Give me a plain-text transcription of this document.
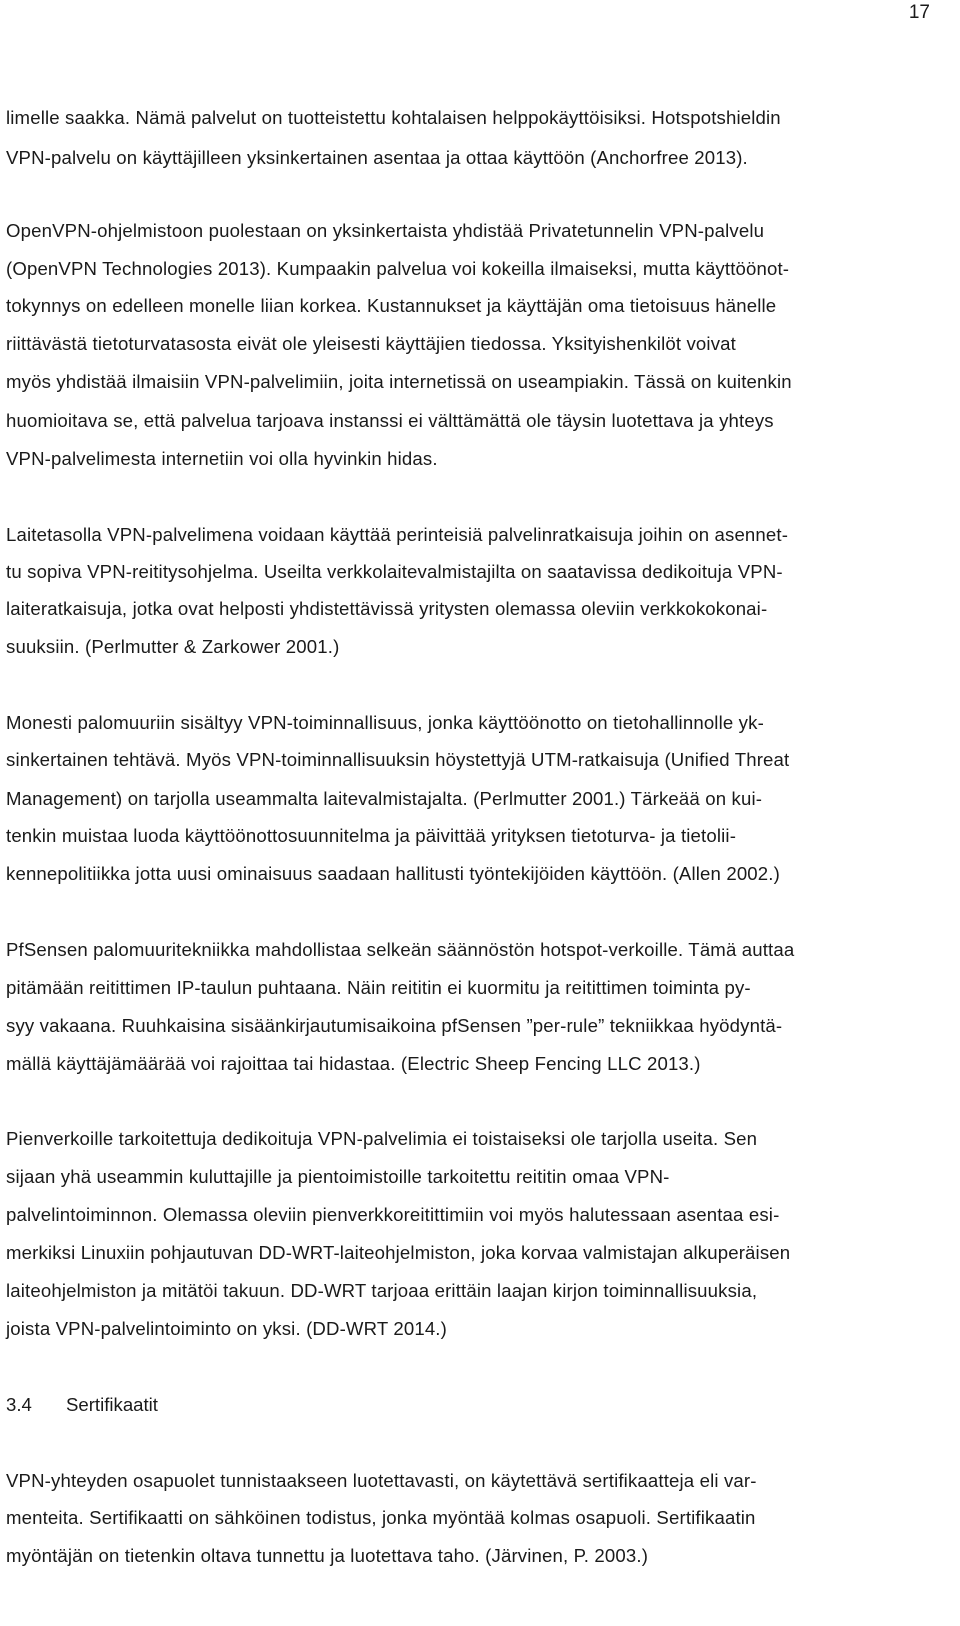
17
limelle saakka. Nämä palvelut on tuotteistettu kohtalaisen helppokäyttöisiksi. Hotspotshieldin
VPN-palvelu on käyttäjilleen yksinkertainen asentaa ja ottaa käyttöön (Anchorfree 2013).
OpenVPN-ohjelmistoon puolestaan on yksinkertaista yhdistää Privatetunnelin VPN-palvelu
(OpenVPN Technologies 2013). Kumpaakin palvelua voi kokeilla ilmaiseksi, mutta käyttöönot-
tokynnys on edelleen monelle liian korkea. Kustannukset ja käyttäjän oma tietoisuus hänelle
riittävästä tietoturvatasosta eivät ole yleisesti käyttäjien tiedossa. Yksityishenkilöt voivat
myös yhdistää ilmaisiin VPN-palvelimiin, joita internetissä on useampiakin. Tässä on kuitenkin
huomioitava se, että palvelua tarjoava instanssi ei välttämättä ole täysin luotettava ja yhteys
VPN-palvelimesta internetiin voi olla hyvinkin hidas.
Laitetasolla VPN-palvelimena voidaan käyttää perinteisiä palvelinratkaisuja joihin on asennet-
tu sopiva VPN-reititysohjelma. Useilta verkkolaitevalmistajilta on saatavissa dedikoituja VPN-
laiteratkaisuja, jotka ovat helposti yhdistettävissä yritysten olemassa oleviin verkkokokonai-
suuksiin. (Perlmutter & Zarkower 2001.)
Monesti palomuuriin sisältyy VPN-toiminnallisuus, jonka käyttöönotto on tietohallinnolle yk-
sinkertainen tehtävä. Myös VPN-toiminnallisuuksin höystettyjä UTM-ratkaisuja (Unified Threat
Management) on tarjolla useammalta laitevalmistajalta. (Perlmutter 2001.) Tärkeää on kui-
tenkin muistaa luoda käyttöönottosuunnitelma ja päivittää yrityksen tietoturva- ja tietolii-
kennepolitiikka jotta uusi ominaisuus saadaan hallitusti työntekijöiden käyttöön. (Allen 2002.)
PfSensen palomuuritekniikka mahdollistaa selkeän säännöstön hotspot-verkoille. Tämä auttaa
pitämään reitittimen IP-taulun puhtaana. Näin reititin ei kuormitu ja reitittimen toiminta py-
syy vakaana. Ruuhkaisina sisäänkirjautumisaikoina pfSensen ”per-rule” tekniikkaa hyödyntä-
mällä käyttäjämäärää voi rajoittaa tai hidastaa. (Electric Sheep Fencing LLC 2013.)
Pienverkoille tarkoitettuja dedikoituja VPN-palvelimia ei toistaiseksi ole tarjolla useita. Sen
sijaan yhä useammin kuluttajille ja pientoimistoille tarkoitettu reititin omaa VPN-
palvelintoiminnon. Olemassa oleviin pienverkkoreitittimiin voi myös halutessaan asentaa esi-
merkiksi Linuxiin pohjautuvan DD-WRT-laiteohjelmiston, joka korvaa valmistajan alkuperäisen
laiteohjelmiston ja mitätöi takuun. DD-WRT tarjoaa erittäin laajan kirjon toiminnallisuuksia,
joista VPN-palvelintoiminto on yksi. (DD-WRT 2014.)
3.4 Sertifikaatit
VPN-yhteyden osapuolet tunnistaakseen luotettavasti, on käytettävä sertifikaatteja eli var-
menteita. Sertifikaatti on sähköinen todistus, jonka myöntää kolmas osapuoli. Sertifikaatin
myöntäjän on tietenkin oltava tunnettu ja luotettava taho. (Järvinen, P. 2003.)
